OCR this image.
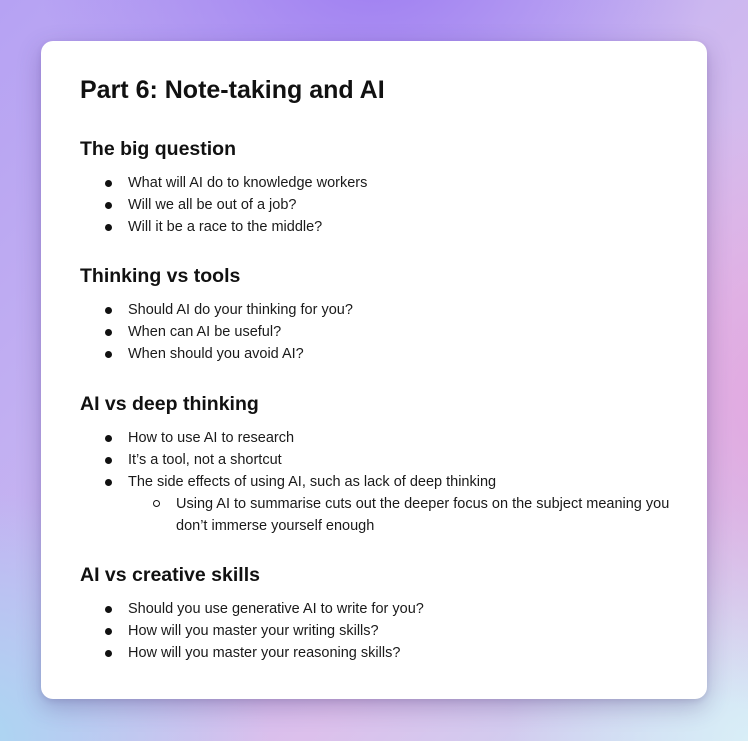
Part 6: Note-taking and AI
The big question
What will AI do to knowledge workers
Will we all be out of a job?
Will it be a race to the middle?
Thinking vs tools
Should AI do your thinking for you?
When can AI be useful?
When should you avoid AI?
AI vs deep thinking
How to use AI to research
It’s a tool, not a shortcut
The side effects of using AI, such as lack of deep thinking
Using AI to summarise cuts out the deeper focus on the subject meaning you don’t immerse yourself enough
AI vs creative skills
Should you use generative AI to write for you?
How will you master your writing skills?
How will you master your reasoning skills?
